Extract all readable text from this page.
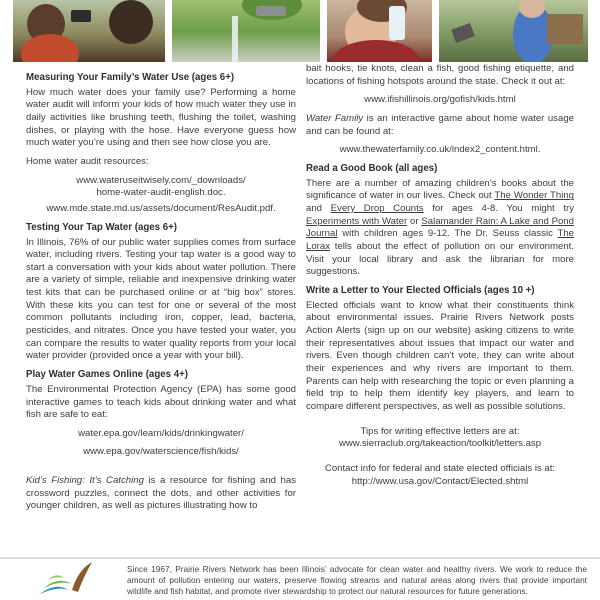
Measuring Your Family’s Water Use (ages 6+)
How much water does your family use? Performing a home water audit will inform your kids of how much water they use in daily activities like brushing teeth, flushing the toilet, washing dishes, or playing with the hose. Have everyone guess how much water you’re using and then see how close you are.
Home water audit resources:
www.wateruseitwisely.com/_downloads/
home-water-audit-english.doc.
www.mde.state.md.us/assets/document/ResAudit.pdf.
Testing Your Tap Water (ages 6+)
In Illinois, 76% of our public water supplies comes from surface water, including rivers. Testing your tap water is a good way to start a conversation with your kids about water pollution. There are a variety of simple, reliable and inexpensive drinking water test kits that can be purchased online or at “big box” stores. With these kits you can test for one or several of the most common pollutants including iron, copper, lead, bacteria, pesticides, and nitrates. Once you have tested your water, you can compare the results to water quality reports from your local water provider (provided once a year with your bill).
Play Water Games Online (ages 4+)
The Environmental Protection Agency (EPA) has some good interactive games to teach kids about drinking water and what fish are safe to eat:
water.epa.gov/learn/kids/drinkingwater/
www.epa.gov/waterscience/fish/kids/
Kid’s Fishing: It’s Catching is a resource for fishing and has crossword puzzles, connect the dots, and other activities for younger children, as well as pictures illustrating how to
bait hooks, tie knots, clean a fish, good fishing etiquette, and locations of fishing hotspots around the state. Check it out at:
www.ifishillinois.org/gofish/kids.html
Water Family is an interactive game about home water usage and can be found at:
www.thewaterfamily.co.uk/index2_content.html.
Read a Good Book (all ages)
There are a number of amazing children’s books about the significance of water in our lives. Check out The Wonder Thing and Every Drop Counts for ages 4-8. You might try Experiments with Water or Salamander Rain: A Lake and Pond Journal with children ages 9-12. The Dr. Seuss classic The Lorax tells about the effect of pollution on our environment. Visit your local library and ask the librarian for more suggestions.
Write a Letter to Your Elected Officials (ages 10 +)
Elected officials want to know what their constituents think about environmental issues. Prairie Rivers Network posts Action Alerts (sign up on our website) asking citizens to write their representatives about issues that impact our water and rivers. Even though children can’t vote, they can write about their experiences and why rivers are important to them. Parents can help with researching the topic or even planning a field trip to help them identify key players, and learn to compare different perspectives, as well as possible solutions.
Tips for writing effective letters are at:
www.sierraclub.org/takeaction/toolkit/letters.asp
Contact info for federal and state elected officials is at:
http://www.usa.gov/Contact/Elected.shtml
Since 1967, Prairie Rivers Network has been Illinois’ advocate for clean water and healthy rivers. We work to reduce the amount of pollution entering our waters, preserve flowing streams and natural areas along rivers that provide important wildlife and fish habitat, and promote river stewardship to protect our natural resources for future generations.
